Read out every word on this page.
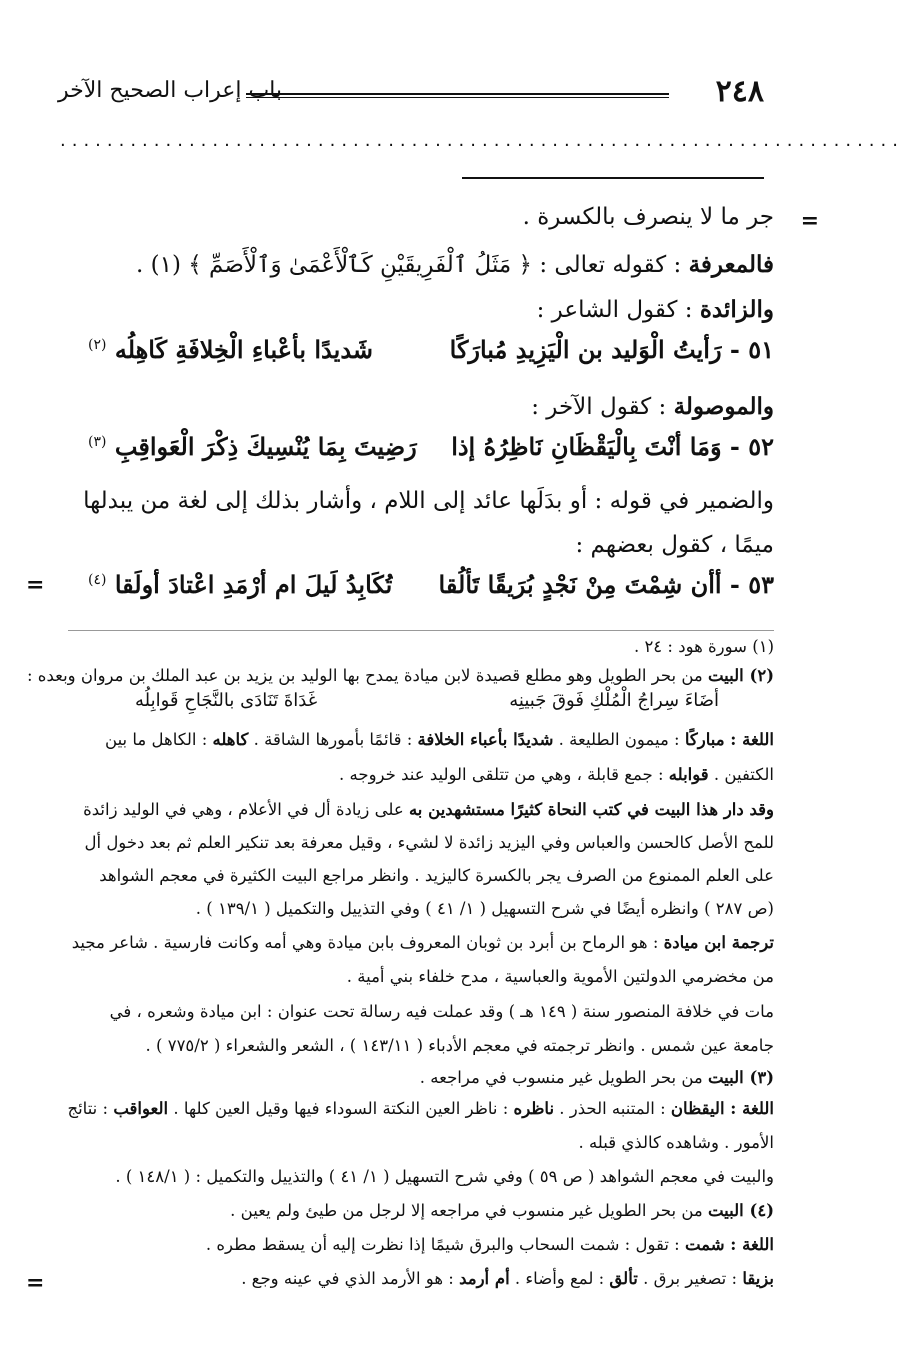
٢٤٨
باب إعراب الصحيح الآخر
........................................................................
=
=
=
جر ما لا ينصرف بالكسرة .
فالمعرفة : كقوله تعالى : ﴿ مَثَلُ ٱلْفَرِيقَيْنِ كَٱلْأَعْمَىٰ وَٱلْأَصَمِّ ﴾ (١) .
والزائدة : كقول الشاعر :
٥١ - رَأيتُ الْوَليد بن الْيَزِيدِ مُبارَكًا
شَديدًا بأعْباءِ الْخِلافَةِ كَاهِلُه $^{(٢)}$
والموصولة : كقول الآخر :
٥٢ - وَمَا أنْتَ بِالْيَقْظَانِ نَاظِرُهُ إذا
رَضِيتَ بِمَا يُنْسِيكَ ذِكْرَ الْعَواقِبِ $^{(٣)}$
والضمير في قوله : أو بدَلَها عائد إلى اللام ، وأشار بذلك إلى لغة من يبدلها
ميمًا ، كقول بعضهم :
٥٣ - أأن شِمْتَ مِنْ نَجْدٍ بُرَيقًا تَألُقا
تُكَابِدُ لَيلَ ام أرْمَدِ اعْتادَ أولَقا $^{(٤)}$
(١) سورة هود : ٢٤ .
(٢) البيت من بحر الطويل وهو مطلع قصيدة لابن ميادة يمدح بها الوليد بن يزيد بن عبد الملك بن مروان وبعده :
أضَاءَ سِراجُ الْمُلْكِ فَوقَ جَبينِه
غَدَاةَ تَنَادَى بالنَّجَاحِ قَوابِلُه
اللغة : مباركًا : ميمون الطليعة . شديدًا بأعباء الخلافة : قائمًا بأمورها الشاقة . كاهله : الكاهل ما بين
الكتفين . قوابله : جمع قابلة ، وهي من تتلقى الوليد عند خروجه .
وقد دار هذا البيت في كتب النحاة كثيرًا مستشهدين به على زيادة أل في الأعلام ، وهي في الوليد زائدة
للمح الأصل كالحسن والعباس وفي اليزيد زائدة لا لشيء ، وقيل معرفة بعد تنكير العلم ثم بعد دخول أل
على العلم الممنوع من الصرف يجر بالكسرة كاليزيد . وانظر مراجع البيت الكثيرة في معجم الشواهد
(ص ٢٨٧ ) وانظره أيضًا في شرح التسهيل ( ١/ ٤١ ) وفي التذييل والتكميل ( ١٣٩/١ ) .
ترجمة ابن ميادة : هو الرماح بن أبرد بن ثوبان المعروف بابن ميادة وهي أمه وكانت فارسية . شاعر مجيد
من مخضرمي الدولتين الأموية والعباسية ، مدح خلفاء بني أمية .
مات في خلافة المنصور سنة ( ١٤٩ هـ ) وقد عملت فيه رسالة تحت عنوان : ابن ميادة وشعره ، في
جامعة عين شمس . وانظر ترجمته في معجم الأدباء ( ١٤٣/١١ ) ، الشعر والشعراء ( ٧٧٥/٢ ) .
(٣) البيت من بحر الطويل غير منسوب في مراجعه .
اللغة : اليقظان : المتنبه الحذر . ناظره : ناظر العين النكتة السوداء فيها وقيل العين كلها . العواقب : نتائج
الأمور . وشاهده كالذي قبله .
والبيت في معجم الشواهد ( ص ٥٩ ) وفي شرح التسهيل ( ١/ ٤١ ) والتذييل والتكميل : ( ١٤٨/١ ) .
(٤) البيت من بحر الطويل غير منسوب في مراجعه إلا لرجل من طيئ ولم يعين .
اللغة : شمت : تقول : شمت السحاب والبرق شيمًا إذا نظرت إليه أن يسقط مطره .
بزيقا : تصغير برق . تألق : لمع وأضاء . أم أرمد : هو الأرمد الذي في عينه وجع .
